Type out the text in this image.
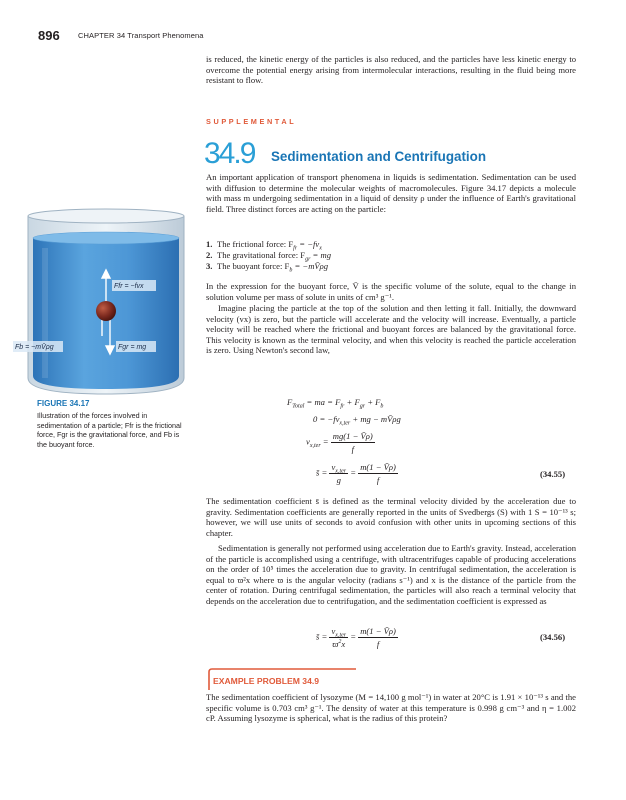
896 CHAPTER 34 Transport Phenomena

is reduced, the kinetic energy of the particles is also reduced, and the particles have less kinetic energy to overcome the potential energy arising from intermolecular interactions, resulting in the fluid being more resistant to flow.

SUPPLEMENTAL
34.9 Sedimentation and Centrifugation

An important application of transport phenomena in liquids is sedimentation. Sedimentation can be used with diffusion to determine the molecular weights of macromolecules. Figure 34.17 depicts a molecule with mass m undergoing sedimentation in a liquid of density ρ under the influence of Earth's gravitational field. Three distinct forces are acting on the particle:

1. The frictional force: $F_{fr} = -fv_x$
2. The gravitational force: $F_{gr}$ = mg
3. The buoyant force: $F_b$ = −mV̄ρg

In the expression for the buoyant force, V̄ is the specific volume of the solute, equal to the change in solution volume per mass of solute in units of cm³ g⁻¹.

Imagine placing the particle at the top of the solution and then letting it fall. Initially, the downward velocity (vx) is zero, but the particle will accelerate and the velocity will increase. Eventually, a particle velocity will be reached where the frictional and buoyant forces are balanced by the gravitational force. This velocity is known as the terminal velocity, and when this velocity is reached the particle acceleration is zero. Using Newton's second law,

$F_{Total}$ = ma = $F_{fr} + F_{gr} + F_b$
$0 = -fv_{x,ter}$ + mg − mV̄ρg
$v_{x,ter} = \frac{mg(1 - V̄\rho)}{f}$
s̄ = $\frac{v_{x,ter}}{g} = \frac{m(1 - V̄\rho)}{f}$	(34.55)

The sedimentation coefficient s̄ is defined as the terminal velocity divided by the acceleration due to gravity. Sedimentation coefficients are generally reported in the units of Svedbergs (S) with 1 S = 10⁻¹³ s; however, we will use units of seconds to avoid confusion with other units in upcoming sections of this chapter.

Sedimentation is generally not performed using acceleration due to Earth's gravity. Instead, acceleration of the particle is accomplished using a centrifuge, with ultracentrifuges capable of producing accelerations on the order of 10⁵ times the acceleration due to gravity. In centrifugal sedimentation, the acceleration is equal to ϖ²x where ϖ is the angular velocity (radians s⁻¹) and x is the distance of the particle from the center of rotation. During centrifugal sedimentation, the particles will also reach a terminal velocity that depends on the acceleration due to centrifugation, and the sedimentation coefficient is expressed as

s̄ = $\frac{v_{x,ter}}{ϖ^2x} = \frac{m(1 - V̄\rho)}{f}$	(34.56)
EXAMPLE PROBLEM 34.9

The sedimentation coefficient of lysozyme (M = 14,100 g mol⁻¹) in water at 20°C is 1.91 × 10⁻¹³ s and the specific volume is 0.703 cm³ g⁻¹. The density of water at this temperature is 0.998 g cm⁻³ and η = 1.002 cP. Assuming lysozyme is spherical, what is the radius of this protein?

Ffr = −fvx
Fb = −mV̄ρg	Fgr = mg
FIGURE 34.17
Illustration of the forces involved in sedimentation of a particle; Ffr is the frictional force, Fgr is the gravitational force, and Fb is the buoyant force.
